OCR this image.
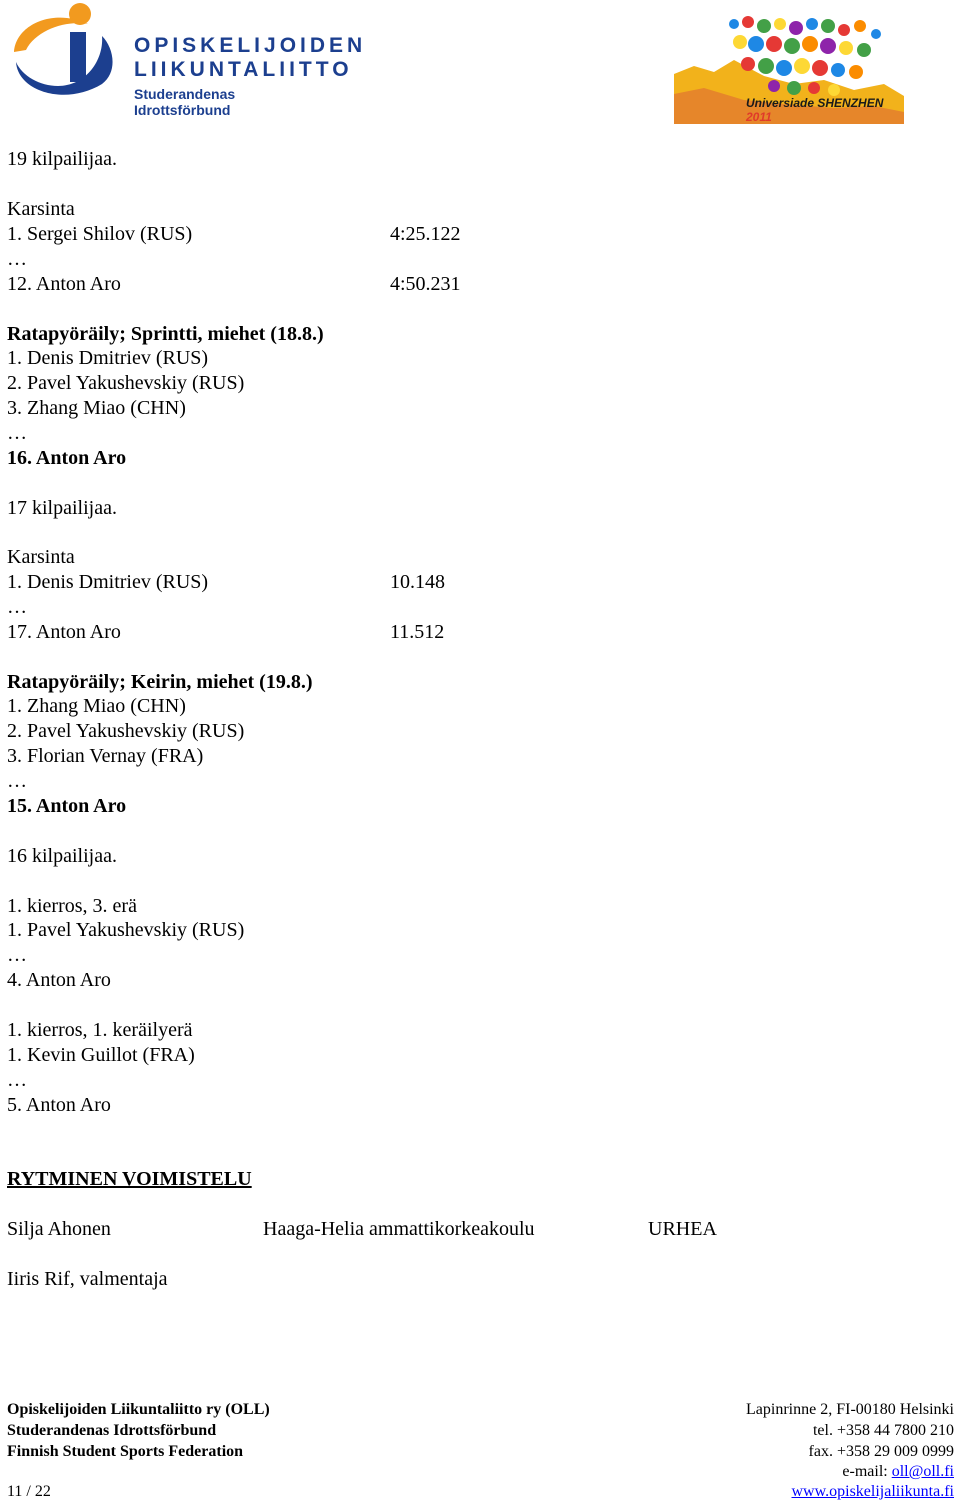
OPISKELIJOIDEN
LIIKUNTALIITTO
Studerandenas Idrottsförbund	Universiade SHENZHEN 2011
19 kilpailijaa.
Karsinta
1. Sergei Shilov (RUS)	4:25.122
…
12. Anton Aro	4:50.231
Ratapyöräily; Sprintti, miehet (18.8.)
1. Denis Dmitriev (RUS)
2. Pavel Yakushevskiy (RUS)
3. Zhang Miao (CHN)
…
16. Anton Aro
17 kilpailijaa.
Karsinta
1. Denis Dmitriev (RUS)	10.148
…
17. Anton Aro	11.512
Ratapyöräily; Keirin, miehet (19.8.)
1. Zhang Miao (CHN)
2. Pavel Yakushevskiy (RUS)
3. Florian Vernay (FRA)
…
15. Anton Aro
16 kilpailijaa.
1. kierros, 3. erä
1. Pavel Yakushevskiy (RUS)
…
4. Anton Aro
1. kierros, 1. keräilyerä
1. Kevin Guillot (FRA)
…
5. Anton Aro
RYTMINEN VOIMISTELU
Silja Ahonen	Haaga-Helia ammattikorkeakoulu	URHEA
Iiris Rif, valmentaja
Opiskelijoiden Liikuntaliitto ry (OLL)
Studerandenas Idrottsförbund
Finnish Student Sports Federation
11 / 22
Lapinrinne 2, FI-00180 Helsinki
tel. +358 44 7800 210
fax. +358 29 009 0999
e-mail: oll@oll.fi
www.opiskelijaliikunta.fi
